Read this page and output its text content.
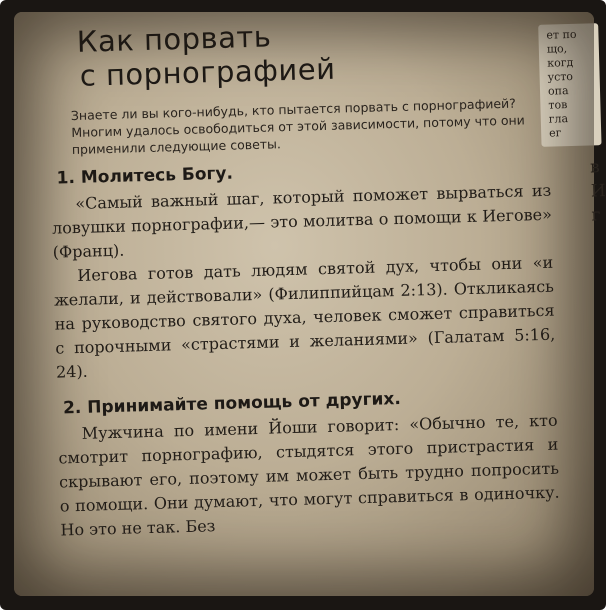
Как порвать
с порнографией

Знаете ли вы кого-нибудь, кто пытается порвать с порнографией? Многим удалось освободиться от этой зависимости, потому что они применили следующие советы.

1. Молитесь Богу.

«Самый важный шаг, который поможет вырваться из ловушки порнографии,— это молитва о помощи к Иегове» (Франц).

Иегова готов дать людям святой дух, чтобы они «и желали, и действовали» (Филиппийцам 2:13). Откликаясь на руководство святого духа, человек сможет справиться с порочными «страстями и желаниями» (Галатам 5:16, 24).

2. Принимайте помощь от других.

Мужчина по имени Йоши говорит: «Обычно те, кто смотрит порнографию, стыдятся этого пристрастия и скрывают его, поэтому им может быть трудно попросить о помощи. Они думают, что могут справиться в одиночку. Но это не так. Без

ет по
що,
когд
усто
опа
тов
гла
ег
в
И
г
